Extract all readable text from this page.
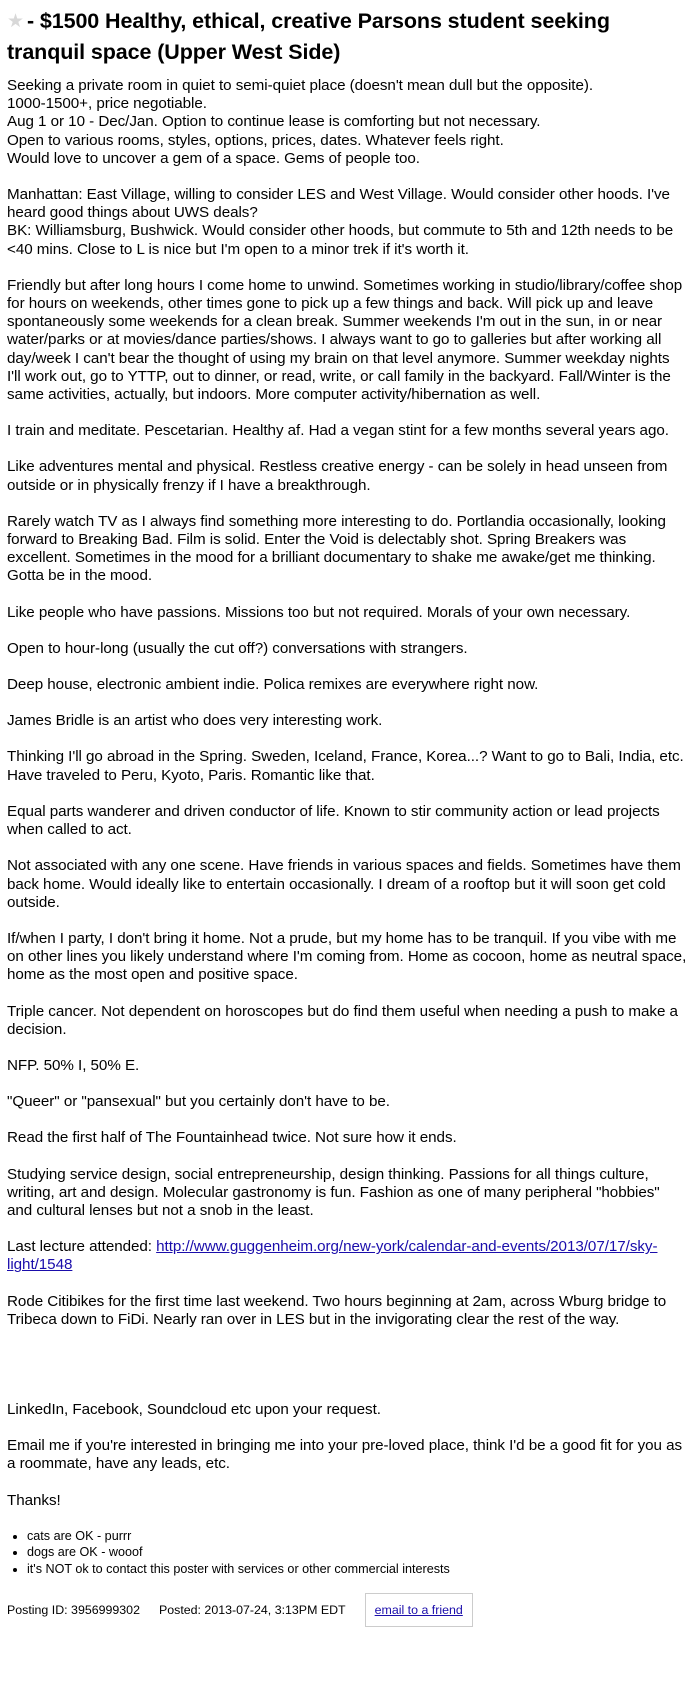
★ - $1500 Healthy, ethical, creative Parsons student seeking tranquil space (Upper West Side)

Seeking a private room in quiet to semi-quiet place (doesn't mean dull but the opposite).
1000-1500+, price negotiable.
Aug 1 or 10 - Dec/Jan. Option to continue lease is comforting but not necessary.
Open to various rooms, styles, options, prices, dates. Whatever feels right.
Would love to uncover a gem of a space. Gems of people too.

Manhattan: East Village, willing to consider LES and West Village. Would consider other hoods. I've heard good things about UWS deals?
BK: Williamsburg, Bushwick. Would consider other hoods, but commute to 5th and 12th needs to be <40 mins. Close to L is nice but I'm open to a minor trek if it's worth it.

Friendly but after long hours I come home to unwind. Sometimes working in studio/library/coffee shop for hours on weekends, other times gone to pick up a few things and back. Will pick up and leave spontaneously some weekends for a clean break. Summer weekends I'm out in the sun, in or near water/parks or at movies/dance parties/shows. I always want to go to galleries but after working all day/week I can't bear the thought of using my brain on that level anymore. Summer weekday nights I'll work out, go to YTTP, out to dinner, or read, write, or call family in the backyard. Fall/Winter is the same activities, actually, but indoors. More computer activity/hibernation as well.

I train and meditate. Pescetarian. Healthy af. Had a vegan stint for a few months several years ago.

Like adventures mental and physical. Restless creative energy - can be solely in head unseen from outside or in physically frenzy if I have a breakthrough.

Rarely watch TV as I always find something more interesting to do. Portlandia occasionally, looking forward to Breaking Bad. Film is solid. Enter the Void is delectably shot. Spring Breakers was excellent. Sometimes in the mood for a brilliant documentary to shake me awake/get me thinking. Gotta be in the mood.

Like people who have passions. Missions too but not required. Morals of your own necessary.

Open to hour-long (usually the cut off?) conversations with strangers.

Deep house, electronic ambient indie. Polica remixes are everywhere right now.

James Bridle is an artist who does very interesting work.

Thinking I'll go abroad in the Spring. Sweden, Iceland, France, Korea...? Want to go to Bali, India, etc. Have traveled to Peru, Kyoto, Paris. Romantic like that.

Equal parts wanderer and driven conductor of life. Known to stir community action or lead projects when called to act.

Not associated with any one scene. Have friends in various spaces and fields. Sometimes have them back home. Would ideally like to entertain occasionally. I dream of a rooftop but it will soon get cold outside.

If/when I party, I don't bring it home. Not a prude, but my home has to be tranquil. If you vibe with me on other lines you likely understand where I'm coming from. Home as cocoon, home as neutral space, home as the most open and positive space.

Triple cancer. Not dependent on horoscopes but do find them useful when needing a push to make a decision.

NFP. 50% I, 50% E.

"Queer" or "pansexual" but you certainly don't have to be.

Read the first half of The Fountainhead twice. Not sure how it ends.

Studying service design, social entrepreneurship, design thinking. Passions for all things culture, writing, art and design. Molecular gastronomy is fun. Fashion as one of many peripheral "hobbies" and cultural lenses but not a snob in the least.

Last lecture attended: http://www.guggenheim.org/new-york/calendar-and-events/2013/07/17/sky-light/1548

Rode Citibikes for the first time last weekend. Two hours beginning at 2am, across Wburg bridge to Tribeca down to FiDi. Nearly ran over in LES but in the invigorating clear the rest of the way.

LinkedIn, Facebook, Soundcloud etc upon your request.

Email me if you're interested in bringing me into your pre-loved place, think I'd be a good fit for you as a roommate, have any leads, etc.

Thanks!

• cats are OK - purrr
• dogs are OK - wooof
• it's NOT ok to contact this poster with services or other commercial interests
Posting ID: 3956999302 Posted: 2013-07-24, 3:13PM EDT	email to a friend
